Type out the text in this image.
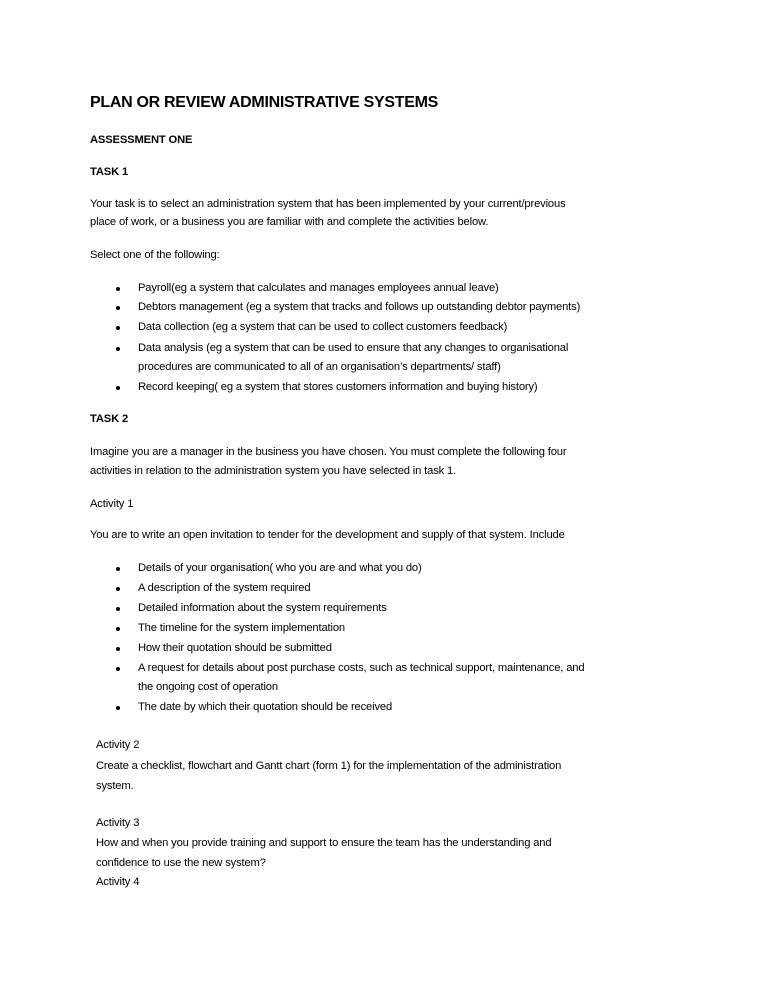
PLAN OR REVIEW ADMINISTRATIVE SYSTEMS
ASSESSMENT ONE
TASK 1
Your task is to select an administration system that has been implemented by your current/previous
place of work, or a business you are familiar with and complete the activities below.
Select one of the following:
Payroll(eg a system that calculates and manages employees annual leave)
Debtors management (eg a system that tracks and follows up outstanding debtor payments)
Data collection (eg a system that can be used to collect customers feedback)
Data analysis (eg a system that can be used to ensure that any changes to organisational
procedures are communicated to all of an organisation’s departments/ staff)
Record keeping( eg a system that stores customers information and buying history)
TASK 2
Imagine you are a manager in the business you have chosen. You must complete the following four
activities in relation to the administration system you have selected in task 1.
Activity 1
You are to write an open invitation to tender for the development and supply of that system. Include
Details of your organisation( who you are and what you do)
A description of the system required
Detailed information about the system requirements
The timeline for the system implementation
How their quotation should be submitted
A request for details about post purchase costs, such as technical support, maintenance, and
the ongoing cost of operation
The date by which their quotation should be received
Activity 2
Create a checklist, flowchart and Gantt chart (form 1) for the implementation of the administration
system.
Activity 3
How and when you provide training and support to ensure the team has the understanding and
confidence to use the new system?
Activity 4
